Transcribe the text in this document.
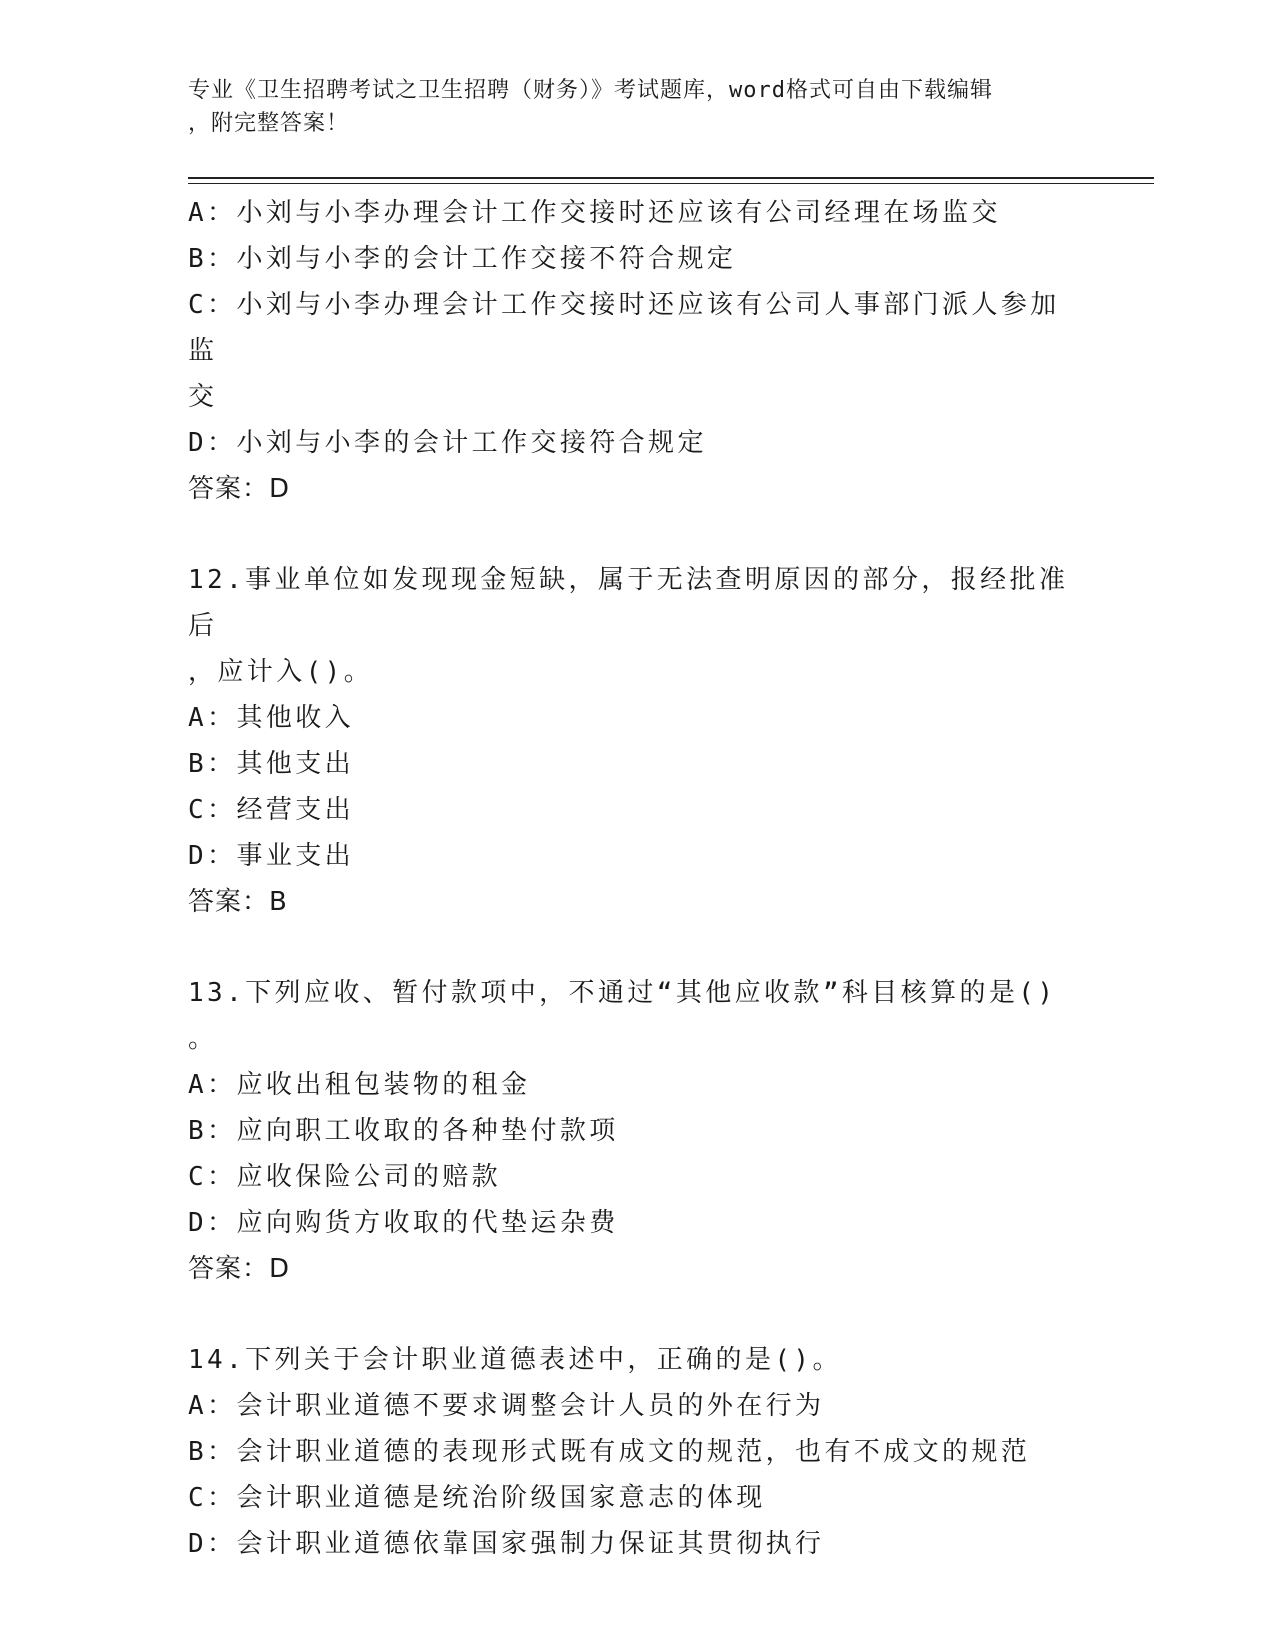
专业《卫生招聘考试之卫生招聘（财务）》考试题库，word格式可自由下载编辑
，附完整答案！
A：小刘与小李办理会计工作交接时还应该有公司经理在场监交
B：小刘与小李的会计工作交接不符合规定
C：小刘与小李办理会计工作交接时还应该有公司人事部门派人参加监
交
D：小刘与小李的会计工作交接符合规定
答案：D
12.事业单位如发现现金短缺，属于无法查明原因的部分，报经批准后
，应计入()。
A：其他收入
B：其他支出
C：经营支出
D：事业支出
答案：B
13.下列应收、暂付款项中，不通过“其他应收款”科目核算的是()
。
A：应收出租包装物的租金
B：应向职工收取的各种垫付款项
C：应收保险公司的赔款
D：应向购货方收取的代垫运杂费
答案：D
14.下列关于会计职业道德表述中，正确的是()。
A：会计职业道德不要求调整会计人员的外在行为
B：会计职业道德的表现形式既有成文的规范，也有不成文的规范
C：会计职业道德是统治阶级国家意志的体现
D：会计职业道德依靠国家强制力保证其贯彻执行
